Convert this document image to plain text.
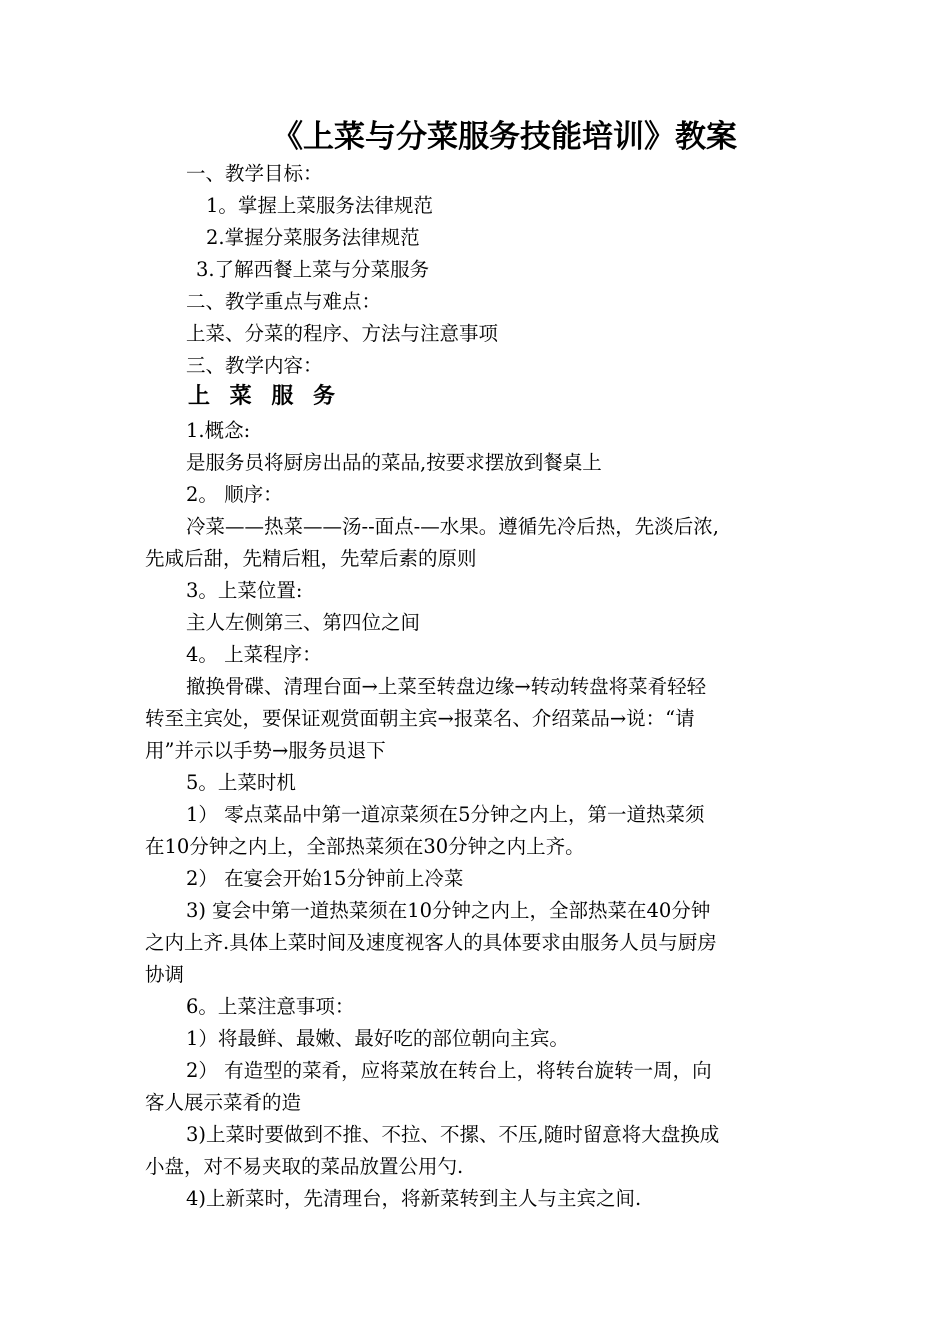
《上菜与分菜服务技能培训》教案
一、教学目标：
1。掌握上菜服务法律规范
2.掌握分菜服务法律规范
3.了解西餐上菜与分菜服务
二、教学重点与难点：
上菜、分菜的程序、方法与注意事项
三、教学内容：
上 菜 服 务
1.概念:
是服务员将厨房出品的菜品,按要求摆放到餐桌上
2。 顺序：
冷菜——热菜——汤--面点-—水果。遵循先冷后热，先淡后浓,
先咸后甜，先精后粗，先荤后素的原则
3。上菜位置:
主人左侧第三、第四位之间
4。 上菜程序：
撤换骨碟、清理台面→上菜至转盘边缘→转动转盘将菜肴轻轻
转至主宾处，要保证观赏面朝主宾→报菜名、介绍菜品→说：“请
用”并示以手势→服务员退下
5。上菜时机
1） 零点菜品中第一道凉菜须在5分钟之内上，第一道热菜须
在10分钟之内上，全部热菜须在30分钟之内上齐。
2） 在宴会开始15分钟前上冷菜
3) 宴会中第一道热菜须在10分钟之内上，全部热菜在40分钟
之内上齐.具体上菜时间及速度视客人的具体要求由服务人员与厨房
协调
6。上菜注意事项：
1）将最鲜、最嫩、最好吃的部位朝向主宾。
2） 有造型的菜肴，应将菜放在转台上，将转台旋转一周，向
客人展示菜肴的造
3)上菜时要做到不推、不拉、不摞、不压,随时留意将大盘换成
小盘，对不易夹取的菜品放置公用勺.
4)上新菜时，先清理台，将新菜转到主人与主宾之间.
